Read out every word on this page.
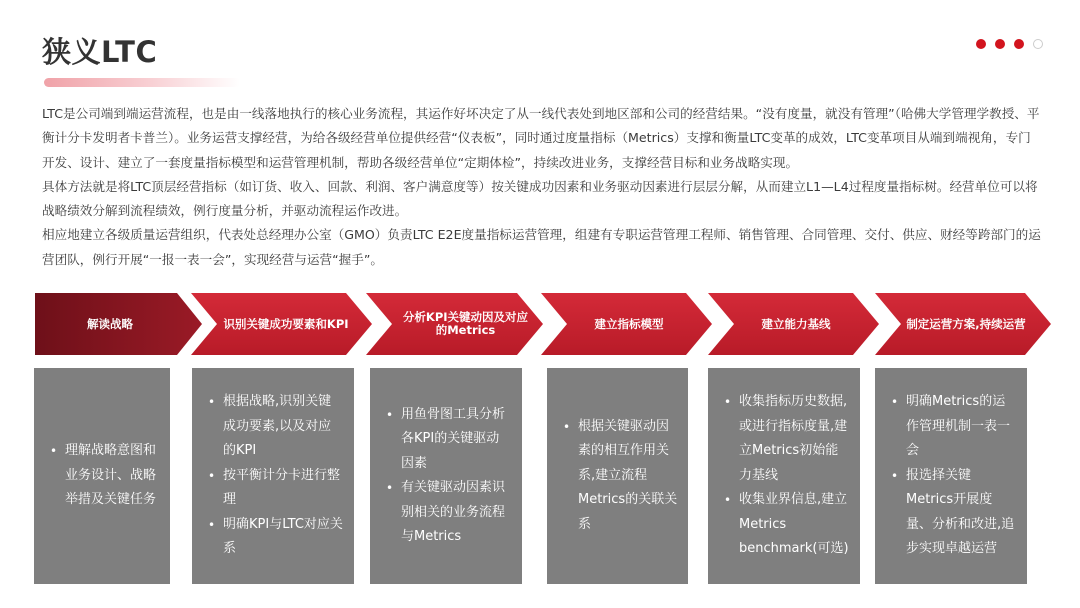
狭义LTC

LTC是公司端到端运营流程，也是由一线落地执行的核心业务流程，其运作好坏决定了从一线代表处到地区部和公司的经营结果。“没有度量，就没有管理”（哈佛大学管理学教授、平衡计分卡发明者卡普兰）。业务运营支撑经营，为给各级经营单位提供经营“仪表板”，同时通过度量指标（Metrics）支撑和衡量LTC变革的成效，LTC变革项目从端到端视角，专门开发、设计、建立了一套度量指标模型和运营管理机制，帮助各级经营单位“定期体检”，持续改进业务，支撑经营目标和业务战略实现。

具体方法就是将LTC顶层经营指标（如订货、收入、回款、利润、客户满意度等）按关键成功因素和业务驱动因素进行层层分解，从而建立L1—L4过程度量指标树。经营单位可以将战略绩效分解到流程绩效，例行度量分析，并驱动流程运作改进。

相应地建立各级质量运营组织，代表处总经理办公室（GMO）负责LTC E2E度量指标运营管理，组建有专职运营管理工程师、销售管理、合同管理、交付、供应、财经等跨部门的运营团队，例行开展“一报一表一会”，实现经营与运营“握手”。

解读战略	识别关键成功要素和KPI	分析KPI关键动因及对应的Metrics	建立指标模型	建立能力基线	制定运营方案,持续运营
• 理解战略意图和业务设计、战略举措及关键任务
• 根据战略,识别关键成功要素,以及对应的KPI
• 按平衡计分卡进行整理
• 明确KPI与LTC对应关系
• 用鱼骨图工具分析各KPI的关键驱动因素
• 有关键驱动因素识别相关的业务流程与Metrics
• 根据关键驱动因素的相互作用关系,建立流程Metrics的关联关系
• 收集指标历史数据,或进行指标度量,建立Metrics初始能力基线
• 收集业界信息,建立Metrics benchmark(可选)
• 明确Metrics的运作管理机制一表一会
• 报选择关键Metrics开展度量、分析和改进,追步实现卓越运营
